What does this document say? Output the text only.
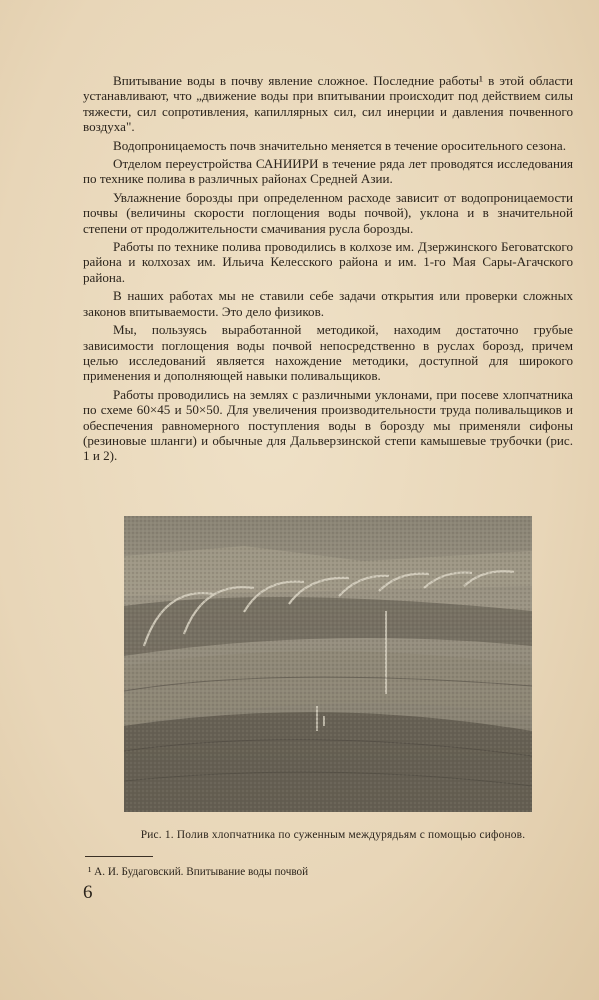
Впитывание воды в почву явление сложное. Последние работы¹ в этой области устанавливают, что „движение воды при впитывании происходит под действием силы тяжести, сил сопротивления, капиллярных сил, сил инерции и давления почвенного воздуха".

Водопроницаемость почв значительно меняется в течение оросительного сезона.

Отделом переустройства САНИИРИ в течение ряда лет проводятся исследования по технике полива в различных районах Средней Азии.

Увлажнение борозды при определенном расходе зависит от водопроницаемости почвы (величины скорости поглощения воды почвой), уклона и в значительной степени от продолжительности смачивания русла борозды.

Работы по технике полива проводились в колхозе им. Дзержинского Беговатского района и колхозах им. Ильича Келесского района и им. 1-го Мая Сары-Агачского района.

В наших работах мы не ставили себе задачи открытия или проверки сложных законов впитываемости. Это дело физиков.

Мы, пользуясь выработанной методикой, находим достаточно грубые зависимости поглощения воды почвой непосредственно в руслах борозд, причем целью исследований является нахождение методики, доступной для широкого применения и дополняющей навыки поливальщиков.

Работы проводились на землях с различными уклонами, при посеве хлопчатника по схеме 60×45 и 50×50. Для увеличения производительности труда поливальщиков и обеспечения равномерного поступления воды в борозду мы применяли сифоны (резиновые шланги) и обычные для Дальверзинской степи камышевые трубочки (рис. 1 и 2).

Рис. 1. Полив хлопчатника по суженным междурядьям с помощью сифонов.
¹ А. И. Будаговский. Впитывание воды почвой
6
